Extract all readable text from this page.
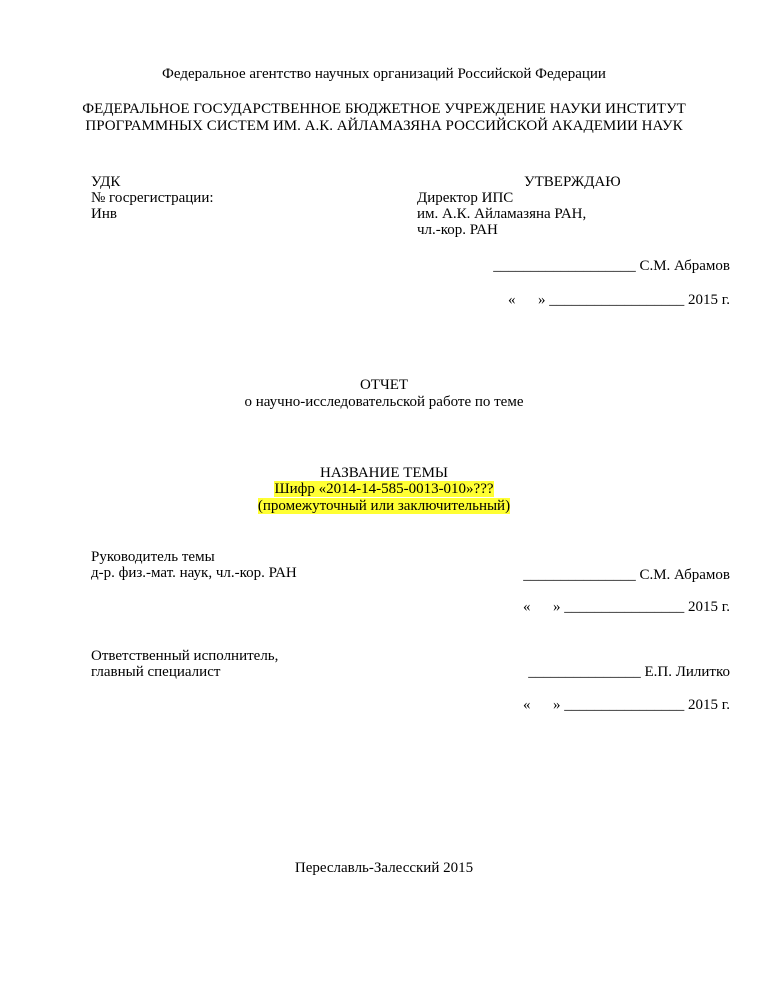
Федеральное агентство научных организаций Российской Федерации
ФЕДЕРАЛЬНОЕ ГОСУДАРСТВЕННОЕ БЮДЖЕТНОЕ УЧРЕЖДЕНИЕ НАУКИ ИНСТИТУТ
ПРОГРАММНЫХ СИСТЕМ ИМ. А.К. АЙЛАМАЗЯНА РОССИЙСКОЙ АКАДЕМИИ НАУК
УДК
№ госрегистрации:
Инв
УТВЕРЖДАЮ
Директор ИПС
им. А.К. Айламазяна РАН,
чл.-кор. РАН
___________________ С.М. Абрамов
«      » __________________ 2015 г.
ОТЧЕТ
о научно-исследовательской работе по теме
НАЗВАНИЕ ТЕМЫ
Шифр «2014-14-585-0013-010»???
(промежуточный или заключительный)
Руководитель темы
д-р. физ.-мат. наук, чл.-кор. РАН	_______________ С.М. Абрамов
«      » ________________ 2015 г.
Ответственный исполнитель,
главный специалист	_______________ Е.П. Лилитко
«      » ________________ 2015 г.
Переславль-Залесский 2015
